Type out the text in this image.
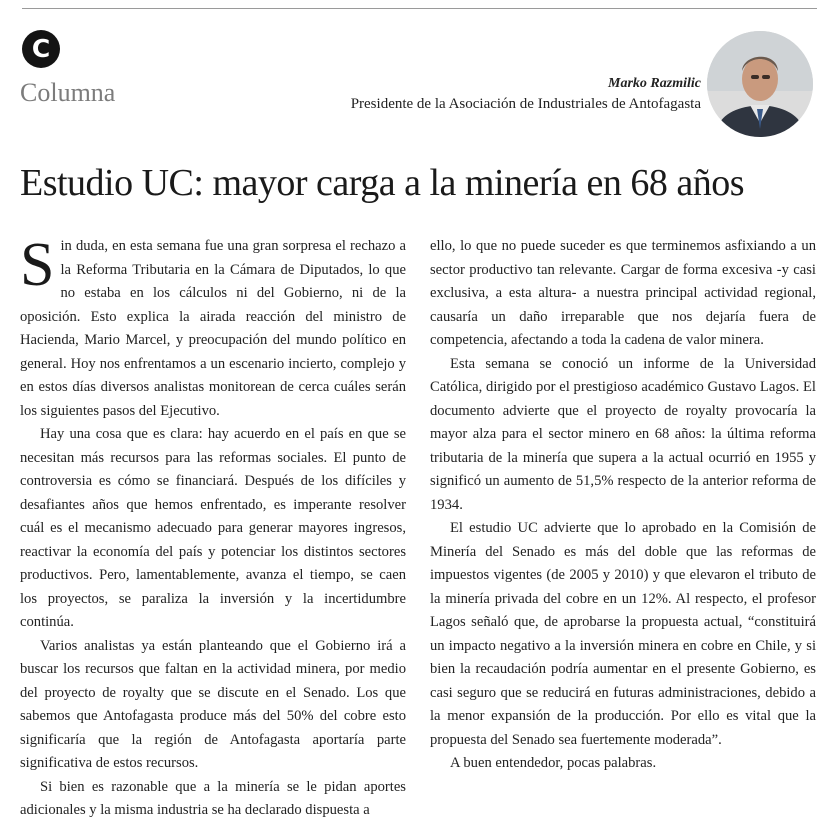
C
Columna	Marko Razmilic
Presidente de la Asociación de Industriales de Antofagasta
Estudio UC: mayor carga a la minería en 68 años

Sin duda, en esta semana fue una gran sorpresa el rechazo a la Reforma Tributaria en la Cámara de Diputados, lo que no estaba en los cálculos ni del Gobierno, ni de la oposición. Esto explica la airada reacción del ministro de Hacienda, Mario Marcel, y preocupación del mundo político en general. Hoy nos enfrentamos a un escenario incierto, complejo y en estos días diversos analistas monitorean de cerca cuáles serán los siguientes pasos del Ejecutivo.

Hay una cosa que es clara: hay acuerdo en el país en que se necesitan más recursos para las reformas sociales. El punto de controversia es cómo se financiará. Después de los difíciles y desafiantes años que hemos enfrentado, es imperante resolver cuál es el mecanismo adecuado para generar mayores ingresos, reactivar la economía del país y potenciar los distintos sectores productivos. Pero, lamentablemente, avanza el tiempo, se caen los proyectos, se paraliza la inversión y la incertidumbre continúa.

Varios analistas ya están planteando que el Gobierno irá a buscar los recursos que faltan en la actividad minera, por medio del proyecto de royalty que se discute en el Senado. Los que sabemos que Antofagasta produce más del 50% del cobre esto significaría que la región de Antofagasta aportaría parte significativa de estos recursos.

Si bien es razonable que a la minería se le pidan aportes adicionales y la misma industria se ha declarado dispuesta a

ello, lo que no puede suceder es que terminemos asfixiando a un sector productivo tan relevante. Cargar de forma excesiva -y casi exclusiva, a esta altura- a nuestra principal actividad regional, causaría un daño irreparable que nos dejaría fuera de competencia, afectando a toda la cadena de valor minera.

Esta semana se conoció un informe de la Universidad Católica, dirigido por el prestigioso académico Gustavo Lagos. El documento advierte que el proyecto de royalty provocaría la mayor alza para el sector minero en 68 años: la última reforma tributaria de la minería que supera a la actual ocurrió en 1955 y significó un aumento de 51,5% respecto de la anterior reforma de 1934.

El estudio UC advierte que lo aprobado en la Comisión de Minería del Senado es más del doble que las reformas de impuestos vigentes (de 2005 y 2010) y que elevaron el tributo de la minería privada del cobre en un 12%. Al respecto, el profesor Lagos señaló que, de aprobarse la propuesta actual, “constituirá un impacto negativo a la inversión minera en cobre en Chile, y si bien la recaudación podría aumentar en el presente Gobierno, es casi seguro que se reducirá en futuras administraciones, debido a la menor expansión de la producción. Por ello es vital que la propuesta del Senado sea fuertemente moderada”.

A buen entendedor, pocas palabras.
